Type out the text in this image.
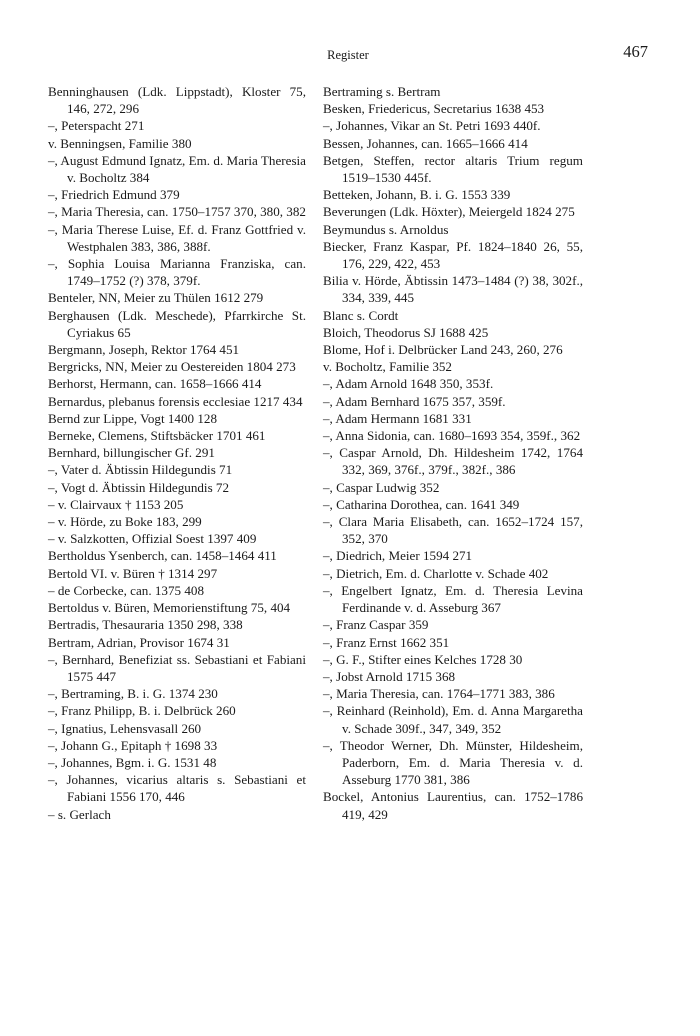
Register	467
Benninghausen (Ldk. Lippstadt), Kloster 75, 146, 272, 296
–, Peterspacht 271
v. Benningsen, Familie 380
–, August Edmund Ignatz, Em. d. Maria Theresia v. Bocholtz 384
–, Friedrich Edmund 379
–, Maria Theresia, can. 1750–1757 370, 380, 382
–, Maria Therese Luise, Ef. d. Franz Gottfried v. Westphalen 383, 386, 388f.
–, Sophia Louisa Marianna Franziska, can. 1749–1752 (?) 378, 379f.
Benteler, NN, Meier zu Thülen 1612 279
Berghausen (Ldk. Meschede), Pfarrkirche St. Cyriakus 65
Bergmann, Joseph, Rektor 1764 451
Bergricks, NN, Meier zu Oestereiden 1804 273
Berhorst, Hermann, can. 1658–1666 414
Bernardus, plebanus forensis ecclesiae 1217 434
Bernd zur Lippe, Vogt 1400 128
Berneke, Clemens, Stiftsbäcker 1701 461
Bernhard, billungischer Gf. 291
–, Vater d. Äbtissin Hildegundis 71
–, Vogt d. Äbtissin Hildegundis 72
– v. Clairvaux † 1153 205
– v. Hörde, zu Boke 183, 299
– v. Salzkotten, Offizial Soest 1397 409
Bertholdus Ysenberch, can. 1458–1464 411
Bertold VI. v. Büren † 1314 297
– de Corbecke, can. 1375 408
Bertoldus v. Büren, Memorienstiftung 75, 404
Bertradis, Thesauraria 1350 298, 338
Bertram, Adrian, Provisor 1674 31
–, Bernhard, Benefiziat ss. Sebastiani et Fabiani 1575 447
–, Bertraming, B. i. G. 1374 230
–, Franz Philipp, B. i. Delbrück 260
–, Ignatius, Lehensvasall 260
–, Johann G., Epitaph † 1698 33
–, Johannes, Bgm. i. G. 1531 48
–, Johannes, vicarius altaris s. Sebastiani et Fabiani 1556 170, 446
– s. Gerlach
Bertraming s. Bertram
Besken, Friedericus, Secretarius 1638 453
–, Johannes, Vikar an St. Petri 1693 440f.
Bessen, Johannes, can. 1665–1666 414
Betgen, Steffen, rector altaris Trium regum 1519–1530 445f.
Betteken, Johann, B. i. G. 1553 339
Beverungen (Ldk. Höxter), Meiergeld 1824 275
Beymundus s. Arnoldus
Biecker, Franz Kaspar, Pf. 1824–1840 26, 55, 176, 229, 422, 453
Bilia v. Hörde, Äbtissin 1473–1484 (?) 38, 302f., 334, 339, 445
Blanc s. Cordt
Bloich, Theodorus SJ 1688 425
Blome, Hof i. Delbrücker Land 243, 260, 276
v. Bocholtz, Familie 352
–, Adam Arnold 1648 350, 353f.
–, Adam Bernhard 1675 357, 359f.
–, Adam Hermann 1681 331
–, Anna Sidonia, can. 1680–1693 354, 359f., 362
–, Caspar Arnold, Dh. Hildesheim 1742, 1764 332, 369, 376f., 379f., 382f., 386
–, Caspar Ludwig 352
–, Catharina Dorothea, can. 1641 349
–, Clara Maria Elisabeth, can. 1652–1724 157, 352, 370
–, Diedrich, Meier 1594 271
–, Dietrich, Em. d. Charlotte v. Schade 402
–, Engelbert Ignatz, Em. d. Theresia Levina Ferdinande v. d. Asseburg 367
–, Franz Caspar 359
–, Franz Ernst 1662 351
–, G. F., Stifter eines Kelches 1728 30
–, Jobst Arnold 1715 368
–, Maria Theresia, can. 1764–1771 383, 386
–, Reinhard (Reinhold), Em. d. Anna Margaretha v. Schade 309f., 347, 349, 352
–, Theodor Werner, Dh. Münster, Hildesheim, Paderborn, Em. d. Maria Theresia v. d. Asseburg 1770 381, 386
Bockel, Antonius Laurentius, can. 1752–1786 419, 429
